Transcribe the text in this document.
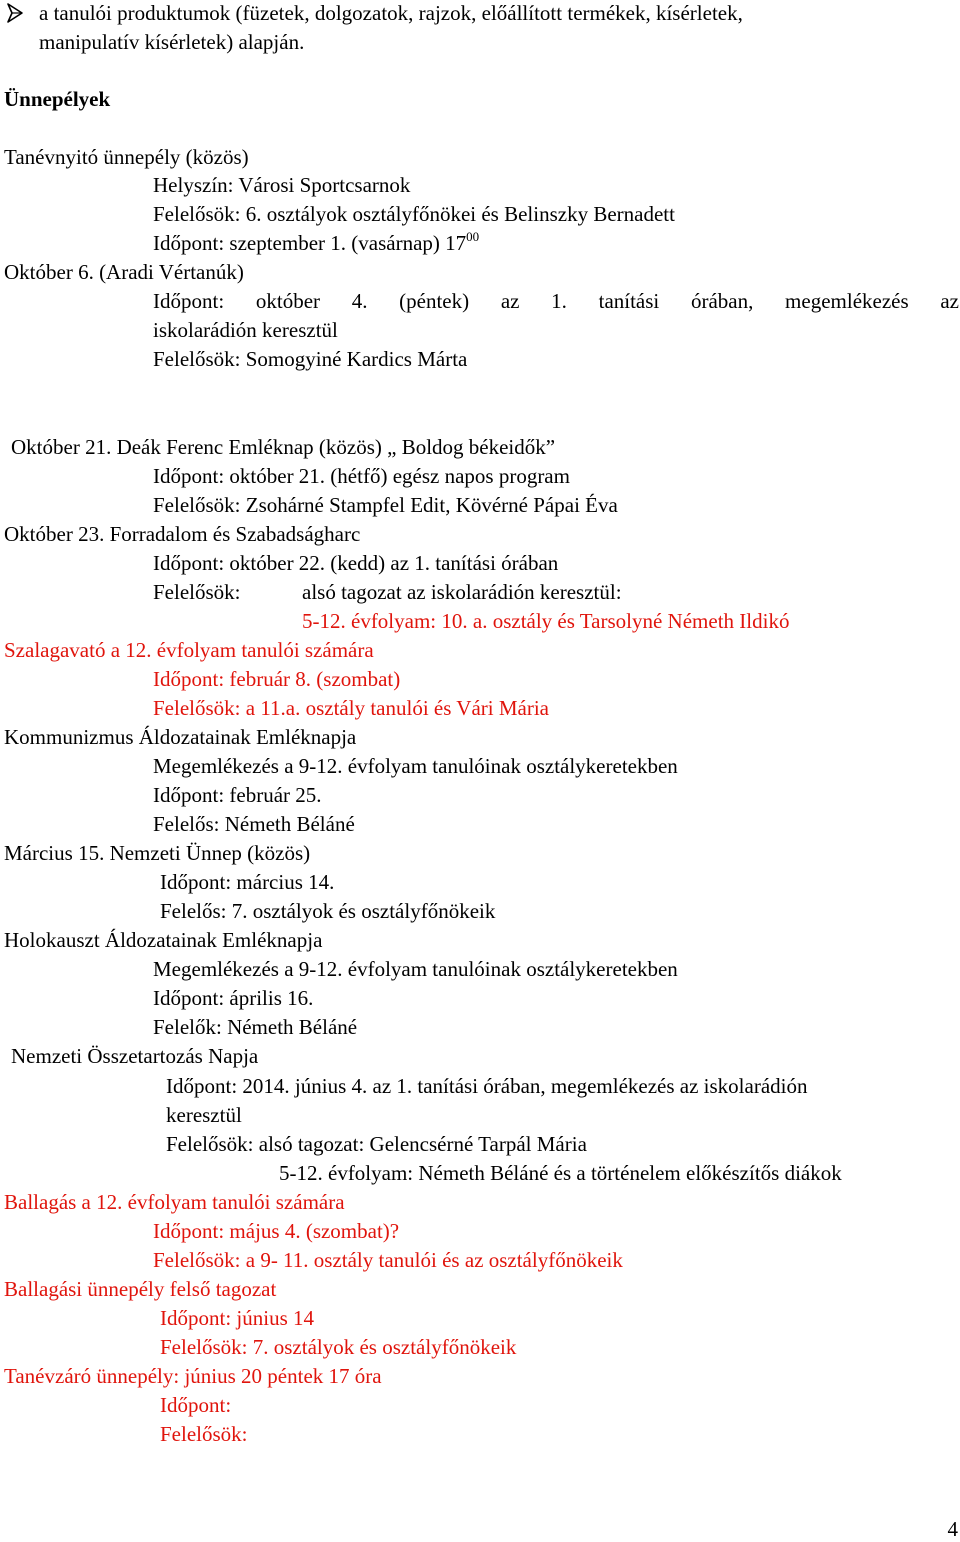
a tanulói produktumok (füzetek, dolgozatok, rajzok, előállított termékek, kísérletek,
manipulatív kísérletek) alapján.
Ünnepélyek
Tanévnyitó ünnepély (közös)
Helyszín: Városi Sportcsarnok
Felelősök: 6. osztályok osztályfőnökei és Belinszky Bernadett
Időpont: szeptember 1. (vasárnap) $17^{00}$
Október 6. (Aradi Vértanúk)
Időpont: október 4. (péntek) az 1. tanítási órában, megemlékezés az
iskolarádión keresztül
Felelősök: Somogyiné Kardics Márta
Október 21. Deák Ferenc Emléknap (közös) „ Boldog békeidők”
Időpont: október 21. (hétfő) egész napos program
Felelősök: Zsohárné Stampfel Edit, Kövérné Pápai Éva
Október 23. Forradalom és Szabadságharc
Időpont: október 22. (kedd) az 1. tanítási órában
Felelősök:	alsó tagozat az iskolarádión keresztül:
5-12. évfolyam: 10. a. osztály és Tarsolyné Németh Ildikó
Szalagavató a 12. évfolyam tanulói számára
Időpont: február 8. (szombat)
Felelősök: a 11.a. osztály tanulói és Vári Mária
Kommunizmus Áldozatainak Emléknapja
Megemlékezés a 9-12. évfolyam tanulóinak osztálykeretekben
Időpont: február 25.
Felelős: Németh Béláné
Március 15. Nemzeti Ünnep (közös)
Időpont: március 14.
Felelős: 7. osztályok és osztályfőnökeik
Holokauszt Áldozatainak Emléknapja
Megemlékezés a 9-12. évfolyam tanulóinak osztálykeretekben
Időpont: április 16.
Felelők: Németh Béláné
Nemzeti Összetartozás Napja
Időpont: 2014. június 4. az 1. tanítási órában, megemlékezés az iskolarádión
keresztül
Felelősök: alsó tagozat: Gelencsérné Tarpál Mária
5-12. évfolyam: Németh Béláné és a történelem előkészítős diákok
Ballagás a 12. évfolyam tanulói számára
Időpont: május 4. (szombat)?
Felelősök: a 9- 11. osztály tanulói és az osztályfőnökeik
Ballagási ünnepély felső tagozat
Időpont: június 14
Felelősök: 7. osztályok és osztályfőnökeik
Tanévzáró ünnepély: június 20 péntek 17 óra
Időpont:
Felelősök:
4
